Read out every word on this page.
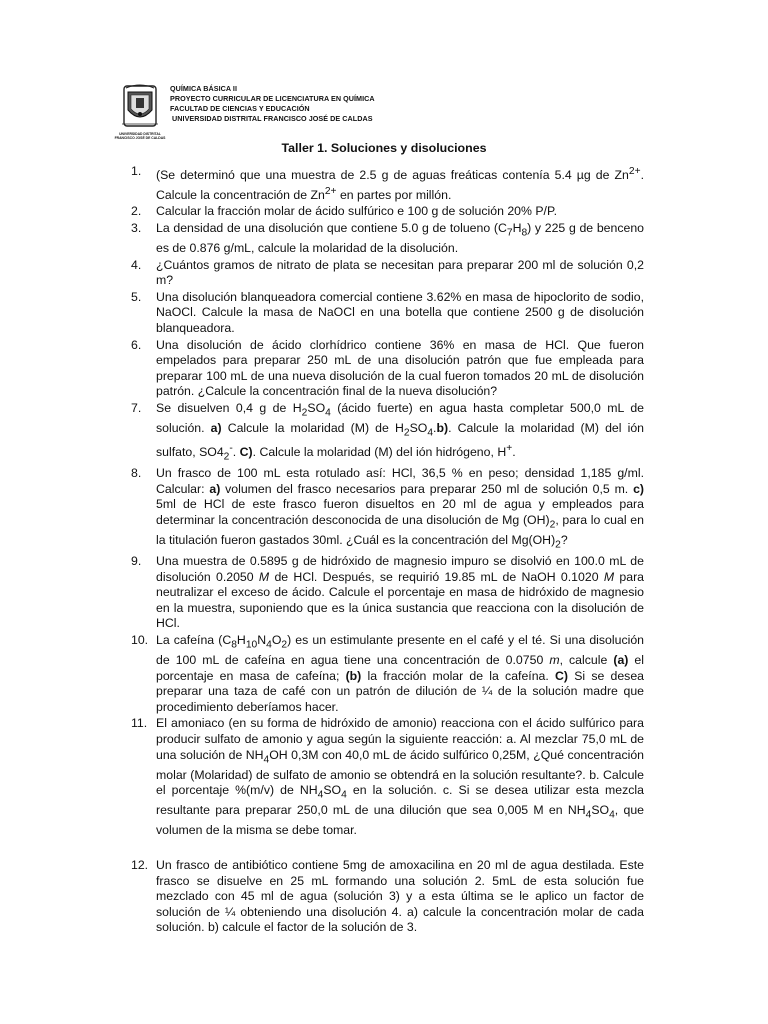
UNIVERSIDAD DISTRITAL
FRANCISCO JOSÉ DE CALDAS
QUÍMICA BÁSICA II
PROYECTO CURRICULAR DE LICENCIATURA EN QUÍMICA
FACULTAD DE CIENCIAS Y EDUCACIÓN
UNIVERSIDAD DISTRITAL FRANCISCO JOSÉ DE CALDAS
Taller 1. Soluciones y disoluciones
1. (Se determinó que una muestra de 2.5 g de aguas freáticas contenía 5.4 µg de $Zn^{2+}$. Calcule la concentración de $Zn^{2+}$ en partes por millón.
2. Calcular la fracción molar de ácido sulfúrico e 100 g de solución 20% P/P.
3. La densidad de una disolución que contiene 5.0 g de tolueno $(C_7H_8)$ y 225 g de benceno es de 0.876 g/mL, calcule la molaridad de la disolución.
4. ¿Cuántos gramos de nitrato de plata se necesitan para preparar 200 ml de solución 0,2 m?
5. Una disolución blanqueadora comercial contiene 3.62% en masa de hipoclorito de sodio, NaOCl. Calcule la masa de NaOCl en una botella que contiene 2500 g de disolución blanqueadora.
6. Una disolución de ácido clorhídrico contiene 36% en masa de HCl. Que fueron empelados para preparar 250 mL de una disolución patrón que fue empleada para preparar 100 mL de una nueva disolución de la cual fueron tomados 20 mL de disolución patrón. ¿Calcule la concentración final de la nueva disolución?
7. Se disuelven 0,4 g de $H_2SO_4$ (ácido fuerte) en agua hasta completar 500,0 mL de solución. a) Calcule la molaridad (M) de $H_2SO_4.b$). Calcule la molaridad (M) del ión sulfato, $SO4_2^-$. C). Calcule la molaridad (M) del ión hidrógeno, H+.
8. Un frasco de 100 mL esta rotulado así: HCl, 36,5 % en peso; densidad 1,185 g/ml. Calcular: a) volumen del frasco necesarios para preparar 250 ml de solución 0,5 m. c) 5ml de HCl de este frasco fueron disueltos en 20 ml de agua y empleados para determinar la concentración desconocida de una disolución de Mg $(OH)_2$, para lo cual en la titulación fueron gastados 30ml. ¿Cuál es la concentración del $Mg(OH)_2$?
9. Una muestra de 0.5895 g de hidróxido de magnesio impuro se disolvió en 100.0 mL de disolución 0.2050 M de HCl. Después, se requirió 19.85 mL de NaOH 0.1020 M para neutralizar el exceso de ácido. Calcule el porcentaje en masa de hidróxido de magnesio en la muestra, suponiendo que es la única sustancia que reacciona con la disolución de HCl.
10. La cafeína $(C_8H_{10}N_4O_2)$ es un estimulante presente en el café y el té. Si una disolución de 100 mL de cafeína en agua tiene una concentración de 0.0750 m, calcule (a) el porcentaje en masa de cafeína; (b) la fracción molar de la cafeína. C) Si se desea preparar una taza de café con un patrón de dilución de ¼ de la solución madre que procedimiento deberíamos hacer.
11. El amoniaco (en su forma de hidróxido de amonio) reacciona con el ácido sulfúrico para producir sulfato de amonio y agua según la siguiente reacción: a. Al mezclar 75,0 mL de una solución de $NH_4OH$ 0,3M con 40,0 mL de ácido sulfúrico 0,25M, ¿Qué concentración molar (Molaridad) de sulfato de amonio se obtendrá en la solución resultante?. b. Calcule el porcentaje %(m/v) de $NH_4SO_4$ en la solución. c. Si se desea utilizar esta mezcla resultante para preparar 250,0 mL de una dilución que sea 0,005 M en $NH_4SO_4$, que volumen de la misma se debe tomar.
12. Un frasco de antibiótico contiene 5mg de amoxacilina en 20 ml de agua destilada. Este frasco se disuelve en 25 mL formando una solución 2. 5mL de esta solución fue mezclado con 45 ml de agua (solución 3) y a esta última se le aplico un factor de solución de ¼ obteniendo una disolución 4. a) calcule la concentración molar de cada solución. b) calcule el factor de la solución de 3.
